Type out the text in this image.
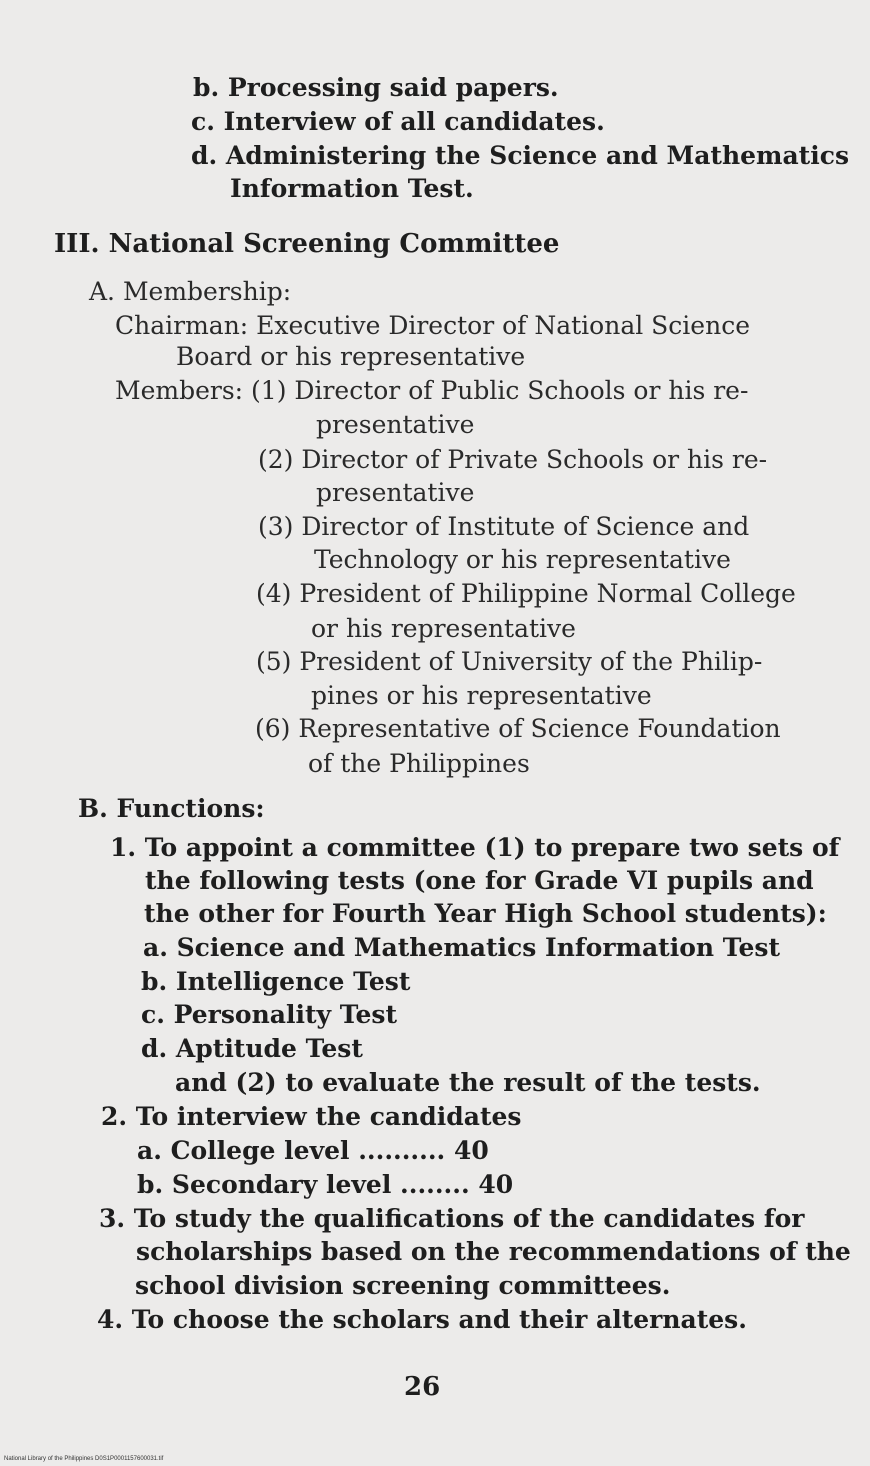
b. Processing said papers.
c. Interview of all candidates.
d. Administering the Science and Mathematics
Information Test.
III. National Screening Committee
A. Membership:
Chairman: Executive Director of National Science
Board or his representative
Members: (1) Director of Public Schools or his re-
presentative
(2) Director of Private Schools or his re-
presentative
(3) Director of Institute of Science and
Technology or his representative
(4) President of Philippine Normal College
or his representative
(5) President of University of the Philip-
pines or his representative
(6) Representative of Science Foundation
of the Philippines
B. Functions:
1. To appoint a committee (1) to prepare two sets of
the following tests (one for Grade VI pupils and
the other for Fourth Year High School students):
a. Science and Mathematics Information Test
b. Intelligence Test
c. Personality Test
d. Aptitude Test
and (2) to evaluate the result of the tests.
2. To interview the candidates
a. College level .......... 40
b. Secondary level ........ 40
3. To study the qualifications of the candidates for
scholarships based on the recommendations of the
school division screening committees.
4. To choose the scholars and their alternates.
26
National Library of the Philippines D0S1P0001157600031.tif
